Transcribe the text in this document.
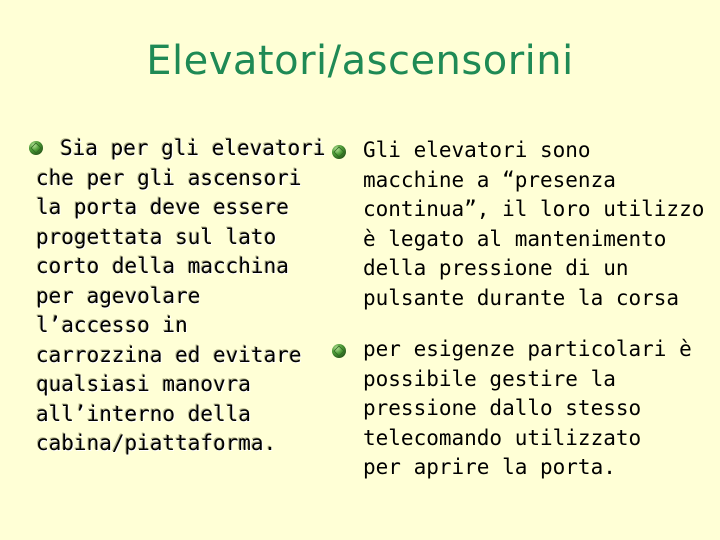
Elevatori/ascensorini
Sia per gli elevatori
che per gli ascensori
la porta deve essere
progettata sul lato
corto della macchina
per agevolare
l’accesso in
carrozzina ed evitare
qualsiasi manovra
all’interno della
cabina/piattaforma.
Gli elevatori sono
macchine a “presenza
continua”, il loro utilizzo
è legato al mantenimento
della pressione di un
pulsante durante la corsa
per esigenze particolari è
possibile gestire la
pressione dallo stesso
telecomando utilizzato
per aprire la porta.
